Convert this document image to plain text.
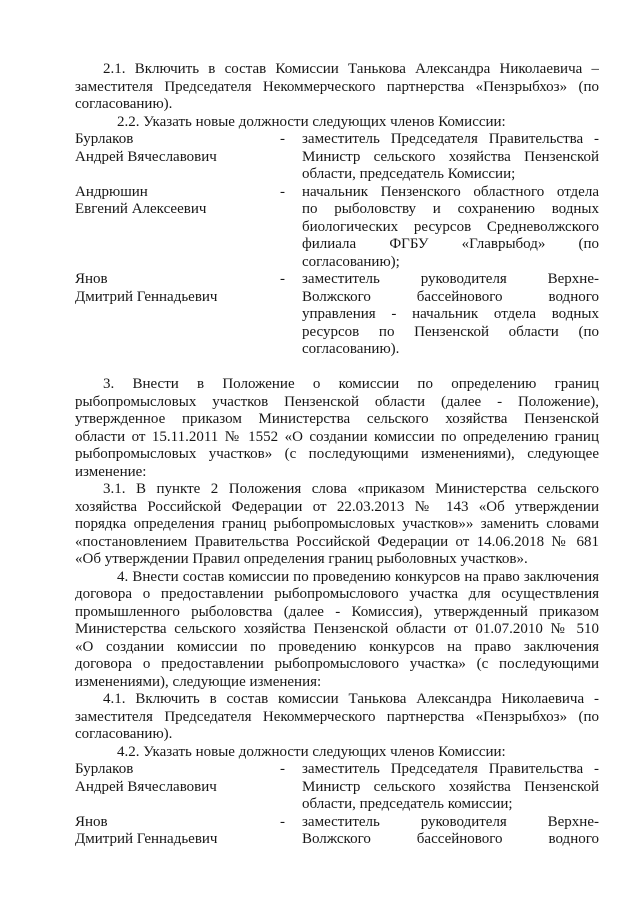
2.1. Включить в состав Комиссии Танькова Александра Николаевича –
заместителя Председателя Некоммерческого партнерства «Пензрыбхоз» (по
согласованию).
2.2. Указать новые должности следующих членов Комиссии:
Бурлаков
Андрей Вячеславович
-	заместитель Председателя Правительства -
Министр сельского хозяйства Пензенской
области, председатель Комиссии;
Андрюшин
Евгений Алексеевич
-	начальник Пензенского областного отдела
по рыболовству и сохранению водных
биологических ресурсов Средневолжского
филиала ФГБУ «Главрыбод» (по
согласованию);
Янов
Дмитрий Геннадьевич
-	заместитель руководителя Верхне-
Волжского бассейнового водного
управления - начальник отдела водных
ресурсов по Пензенской области (по
согласованию).
3. Внести в Положение о комиссии по определению границ
рыбопромысловых участков Пензенской области (далее - Положение),
утвержденное приказом Министерства сельского хозяйства Пензенской
области от 15.11.2011 № 1552 «О создании комиссии по определению границ
рыбопромысловых участков» (с последующими изменениями), следующее
изменение:
3.1. В пункте 2 Положения слова «приказом Министерства сельского
хозяйства Российской Федерации от 22.03.2013 № 143 «Об утверждении
порядка определения границ рыбопромысловых участков»» заменить словами
«постановлением Правительства Российской Федерации от 14.06.2018 № 681
«Об утверждении Правил определения границ рыболовных участков».
4. Внести состав комиссии по проведению конкурсов на право заключения
договора о предоставлении рыбопромыслового участка для осуществления
промышленного рыболовства (далее - Комиссия), утвержденный приказом
Министерства сельского хозяйства Пензенской области от 01.07.2010 № 510
«О создании комиссии по проведению конкурсов на право заключения
договора о предоставлении рыбопромыслового участка» (с последующими
изменениями), следующие изменения:
4.1. Включить в состав комиссии Танькова Александра Николаевича -
заместителя Председателя Некоммерческого партнерства «Пензрыбхоз» (по
согласованию).
4.2. Указать новые должности следующих членов Комиссии:
Бурлаков
Андрей Вячеславович
-	заместитель Председателя Правительства -
Министр сельского хозяйства Пензенской
области, председатель комиссии;
Янов
Дмитрий Геннадьевич
-	заместитель руководителя Верхне-
Волжского бассейнового водного
